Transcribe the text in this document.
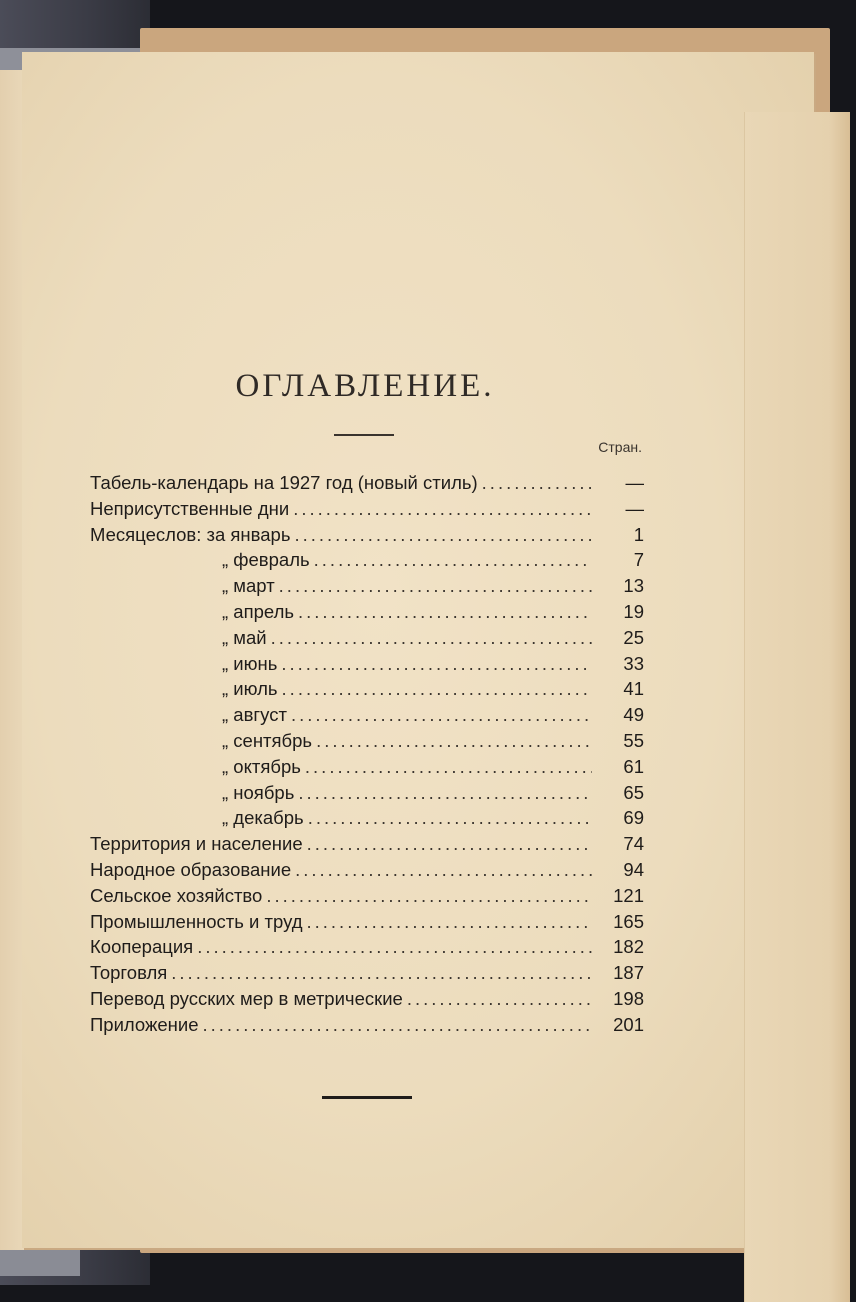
ОГЛАВЛЕНИЕ.
Стран.
Табель-календарь на 1927 год (новый стиль) .....	—
Неприсутственные дни .....	—
Месяцеслов: за январь .....	1
„ февраль .....	7
„ март .....	13
„ апрель .....	19
„ май .....	25
„ июнь .....	33
„ июль .....	41
„ август .....	49
„ сентябрь .....	55
„ октябрь .....	61
„ ноябрь .....	65
„ декабрь .....	69
Территория и население .....	74
Народное образование .....	94
Сельское хозяйство .....	121
Промышленность и труд .....	165
Кооперация .....	182
Торговля .....	187
Перевод русских мер в метрические .....	198
Приложение .....	201
